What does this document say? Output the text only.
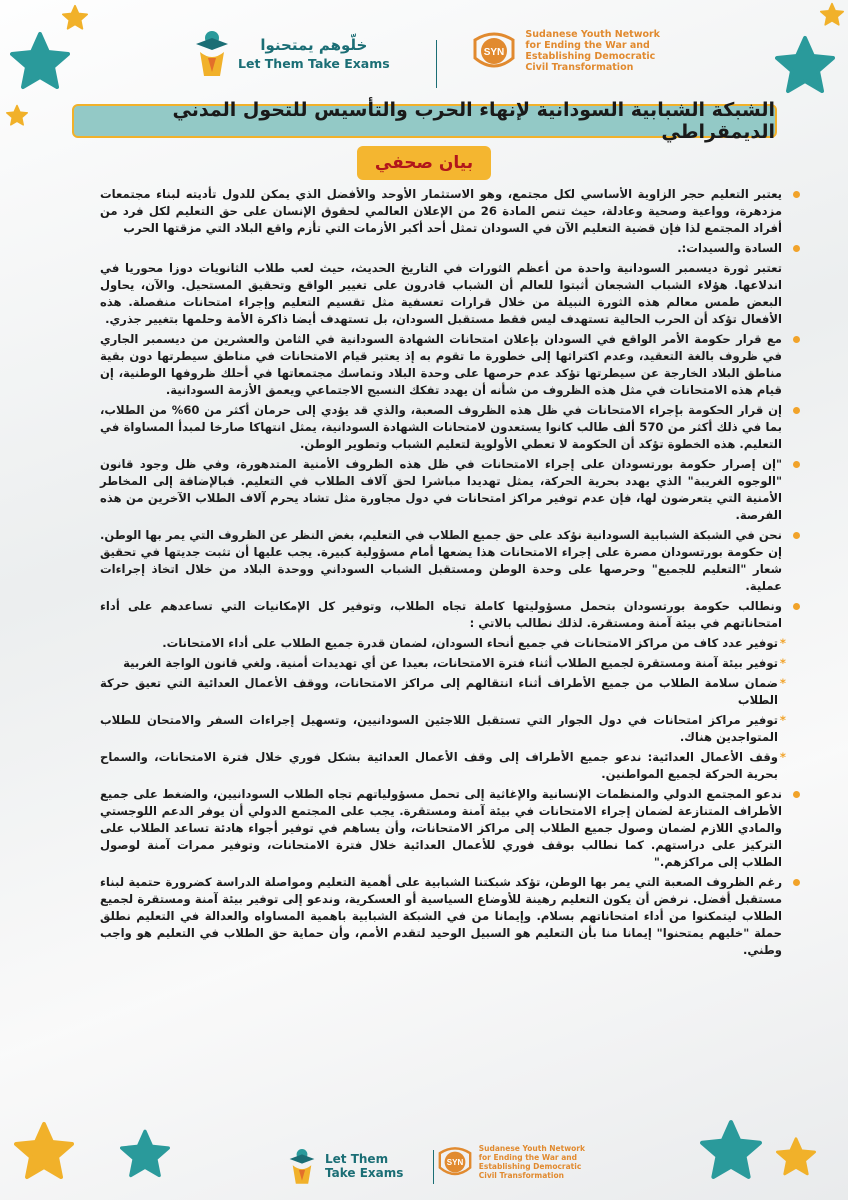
خلّوهم يمتحنوا
Let Them Take Exams
SYN
Sudanese Youth Network
for Ending the War and
Establishing Democratic
Civil Transformation
الشبكة الشبابية السودانية لإنهاء الحرب والتأسيس للتحول المدني الديمقراطي
بيان صحفي
يعتبر التعليم حجر الزاوية الأساسي لكل مجتمع، وهو الاستثمار الأوحد والأفضل الذي يمكن للدول تأديته لبناء مجتمعات مزدهرة، وواعية وصحية وعادلة، حيث تنص المادة 26 من الإعلان العالمي لحقوق الإنسان على حق التعليم لكل فرد من أفراد المجتمع لذا فإن قضية التعليم الآن في السودان تمثل أحد أكبر الأزمات التي تأزم واقع البلاد التي مزقتها الحرب
السادة والسيدات:.
تعتبر ثورة ديسمبر السودانية واحدة من أعظم الثورات في التاريخ الحديث، حيث لعب طلاب الثانويات دوزا محوريا في اندلاعها. هؤلاء الشباب الشجعان أثبتوا للعالم أن الشباب قادرون على تغيير الواقع وتحقيق المستحيل. والآن، يحاول البعض طمس معالم هذه الثورة النبيلة من خلال قرارات تعسفية مثل تقسيم التعليم وإجراء امتحانات منفصلة. هذه الأفعال تؤكد أن الحرب الحالية تستهدف ليس فقط مستقبل السودان، بل تستهدف أيضا ذاكرة الأمة وحلمها بتغيير جذري.
مع قرار حكومة الأمر الواقع في السودان بإعلان امتحانات الشهادة السودانية في الثامن والعشرين من ديسمبر الجاري في ظروف بالغة التعقيد، وعدم اكتراثها إلى خطورة ما تقوم به إذ يعتبر قيام الامتحانات في مناطق سيطرتها دون بقية مناطق البلاد الخارجة عن سيطرتها تؤكد عدم حرصها على وحدة البلاد وتماسك مجتمعاتها في أحلك ظروفها الوطنية، إن قيام هذه الامتحانات في مثل هذه الظروف من شأنه أن يهدد تفكك النسيج الاجتماعي ويعمق الأزمة السودانية.
إن قرار الحكومة بإجراء الامتحانات في ظل هذه الظروف الصعبة، والذي قد يؤدي إلى حرمان أكثر من 60% من الطلاب، بما في ذلك أكثر من 570 ألف طالب كانوا يستعدون لامتحانات الشهادة السودانية، يمثل انتهاكا صارخا لمبدأ المساواة في التعليم. هذه الخطوة تؤكد أن الحكومة لا تعطي الأولوية لتعليم الشباب وتطوير الوطن.
"إن إصرار حكومة بورتسودان على إجراء الامتحانات في ظل هذه الظروف الأمنية المتدهورة، وفي ظل وجود قانون "الوجوه الغريبة" الذي يهدد بحرية الحركة، يمثل تهديدا مباشرا لحق آلاف الطلاب في التعليم. فبالإضافة إلى المخاطر الأمنية التي يتعرضون لها، فإن عدم توفير مراكز امتحانات في دول مجاورة مثل تشاد يحرم آلاف الطلاب الآخرين من هذه الفرصة.
نحن في الشبكة الشبابية السودانية نؤكد على حق جميع الطلاب في التعليم، بغض النظر عن الظروف التي يمر بها الوطن. إن حكومة بورتسودان مصرة على إجراء الامتحانات هذا يضعها أمام مسؤولية كبيرة. يجب عليها أن تثبت جديتها في تحقيق شعار "التعليم للجميع" وحرصها على وحدة الوطن ومستقبل الشباب السوداني ووحدة البلاد من خلال اتخاذ إجراءات عملية.
ونطالب حكومة بورتسودان بتحمل مسؤوليتها كاملة تجاه الطلاب، وتوفير كل الإمكانيات التي تساعدهم على أداء امتحاناتهم في بيئة آمنة ومستقرة. لذلك نطالب بالاتي :
*
توفير عدد كاف من مراكز الامتحانات في جميع أنحاء السودان، لضمان قدرة جميع الطلاب على أداء الامتحانات.
*
توفير بيئة آمنة ومستقرة لجميع الطلاب أثناء فترة الامتحانات، بعيدا عن أي تهديدات أمنية. ولغي قانون الواجة الغربية
*
ضمان سلامة الطلاب من جميع الأطراف أثناء انتقالهم إلى مراكز الامتحانات، ووقف الأعمال العدائية التي تعيق حركة الطلاب
*
توفير مراكز امتحانات في دول الجوار التي تستقبل اللاجئين السودانيين، وتسهيل إجراءات السفر والامتحان للطلاب المتواجدين هناك.
*
وقف الأعمال العدائية: ندعو جميع الأطراف إلى وقف الأعمال العدائية بشكل فوري خلال فترة الامتحانات، والسماح بحرية الحركة لجميع المواطنين.
ندعو المجتمع الدولي والمنظمات الإنسانية والإغاثية إلى تحمل مسؤولياتهم تجاه الطلاب السودانيين، والضغط على جميع الأطراف المتنازعة لضمان إجراء الامتحانات في بيئة آمنة ومستقرة. يجب على المجتمع الدولي أن يوفر الدعم اللوجستي والمادي اللازم لضمان وصول جميع الطلاب إلى مراكز الامتحانات، وأن يساهم في توفير أجواء هادئة تساعد الطلاب على التركيز على دراستهم. كما نطالب بوقف فوري للأعمال العدائية خلال فترة الامتحانات، وتوفير ممرات آمنة لوصول الطلاب إلى مراكزهم."
رغم الظروف الصعبة التي يمر بها الوطن، تؤكد شبكتنا الشبابية على أهمية التعليم ومواصلة الدراسة كضرورة حتمية لبناء مستقبل أفضل. نرفض أن يكون التعليم رهينة للأوضاع السياسية أو العسكرية، وندعو إلى توفير بيئة آمنة ومستقرة لجميع الطلاب ليتمكنوا من أداء امتحاناتهم بسلام. وإيمانا من في الشبكة الشبابية باهمية المساواه والعدالة في التعليم نطلق حملة "خليهم يمتحنوا" إيمانا منا بأن التعليم هو السبيل الوحيد لتقدم الأمم، وأن حماية حق الطلاب في التعليم هو واجب وطني.
Let Them
Take Exams
SYN
Sudanese Youth Network
for Ending the War and
Establishing Democratic
Civil Transformation
